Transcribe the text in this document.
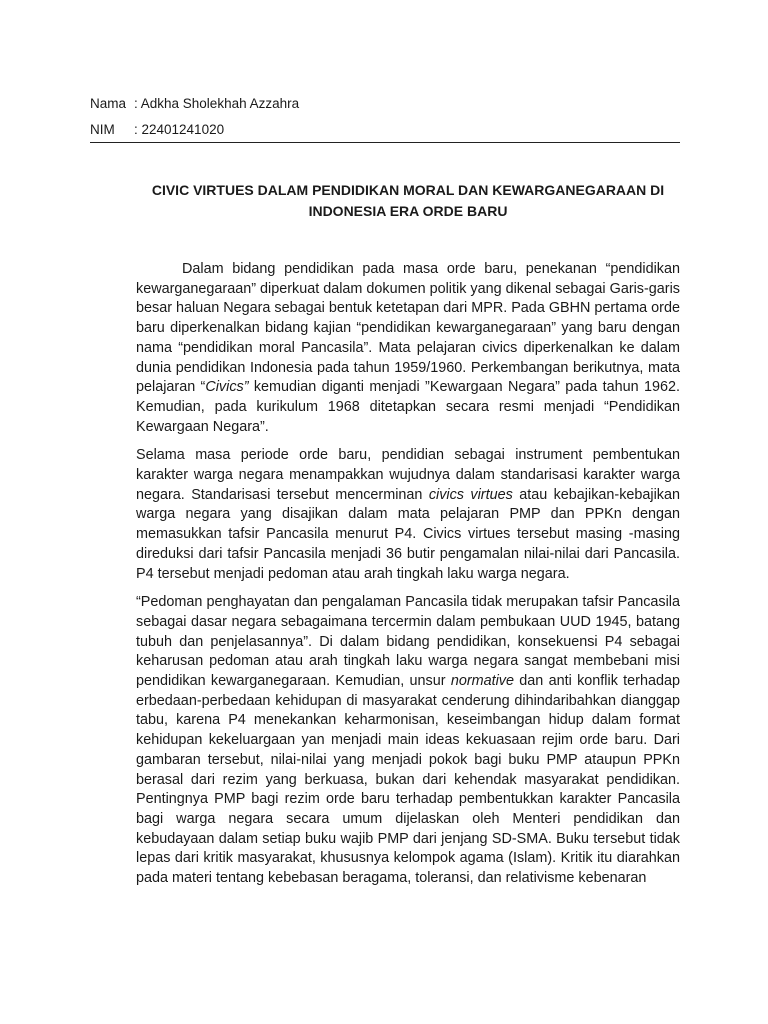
Nama : Adkha Sholekhah Azzahra
NIM	: 22401241020
CIVIC VIRTUES DALAM PENDIDIKAN MORAL DAN KEWARGANEGARAAN DI
INDONESIA ERA ORDE BARU

Dalam bidang pendidikan pada masa orde baru, penekanan “pendidikan kewarganegaraan” diperkuat dalam dokumen politik yang dikenal sebagai Garis-garis besar haluan Negara sebagai bentuk ketetapan dari MPR. Pada GBHN pertama orde baru diperkenalkan bidang kajian “pendidikan kewarganegaraan” yang baru dengan nama “pendidikan moral Pancasila”. Mata pelajaran civics diperkenalkan ke dalam dunia pendidikan Indonesia pada tahun 1959/1960. Perkembangan berikutnya, mata pelajaran “Civics” kemudian diganti menjadi ”Kewargaan Negara” pada tahun 1962. Kemudian, pada kurikulum 1968 ditetapkan secara resmi menjadi “Pendidikan Kewargaan Negara”.

Selama masa periode orde baru, pendidian sebagai instrument pembentukan karakter warga negara menampakkan wujudnya dalam standarisasi karakter warga negara. Standarisasi tersebut mencerminan civics virtues atau kebajikan-kebajikan warga negara yang disajikan dalam mata pelajaran PMP dan PPKn dengan memasukkan tafsir Pancasila menurut P4. Civics virtues tersebut masing -masing direduksi dari tafsir Pancasila menjadi 36 butir pengamalan nilai-nilai dari Pancasila. P4 tersebut menjadi pedoman atau arah tingkah laku warga negara.

“Pedoman penghayatan dan pengalaman Pancasila tidak merupakan tafsir Pancasila sebagai dasar negara sebagaimana tercermin dalam pembukaan UUD 1945, batang tubuh dan penjelasannya”. Di dalam bidang pendidikan, konsekuensi P4 sebagai keharusan pedoman atau arah tingkah laku warga negara sangat membebani misi pendidikan kewarganegaraan. Kemudian, unsur normative dan anti konflik terhadap erbedaan-perbedaan kehidupan di masyarakat cenderung dihindaribahkan dianggap tabu, karena P4 menekankan keharmonisan, keseimbangan hidup dalam format kehidupan kekeluargaan yan menjadi main ideas kekuasaan rejim orde baru. Dari gambaran tersebut, nilai-nilai yang menjadi pokok bagi buku PMP ataupun PPKn berasal dari rezim yang berkuasa, bukan dari kehendak masyarakat pendidikan. Pentingnya PMP bagi rezim orde baru terhadap pembentukkan karakter Pancasila bagi warga negara secara umum dijelaskan oleh Menteri pendidikan dan kebudayaan dalam setiap buku wajib PMP dari jenjang SD-SMA. Buku tersebut tidak lepas dari kritik masyarakat, khususnya kelompok agama (Islam). Kritik itu diarahkan pada materi tentang kebebasan beragama, toleransi, dan relativisme kebenaran
